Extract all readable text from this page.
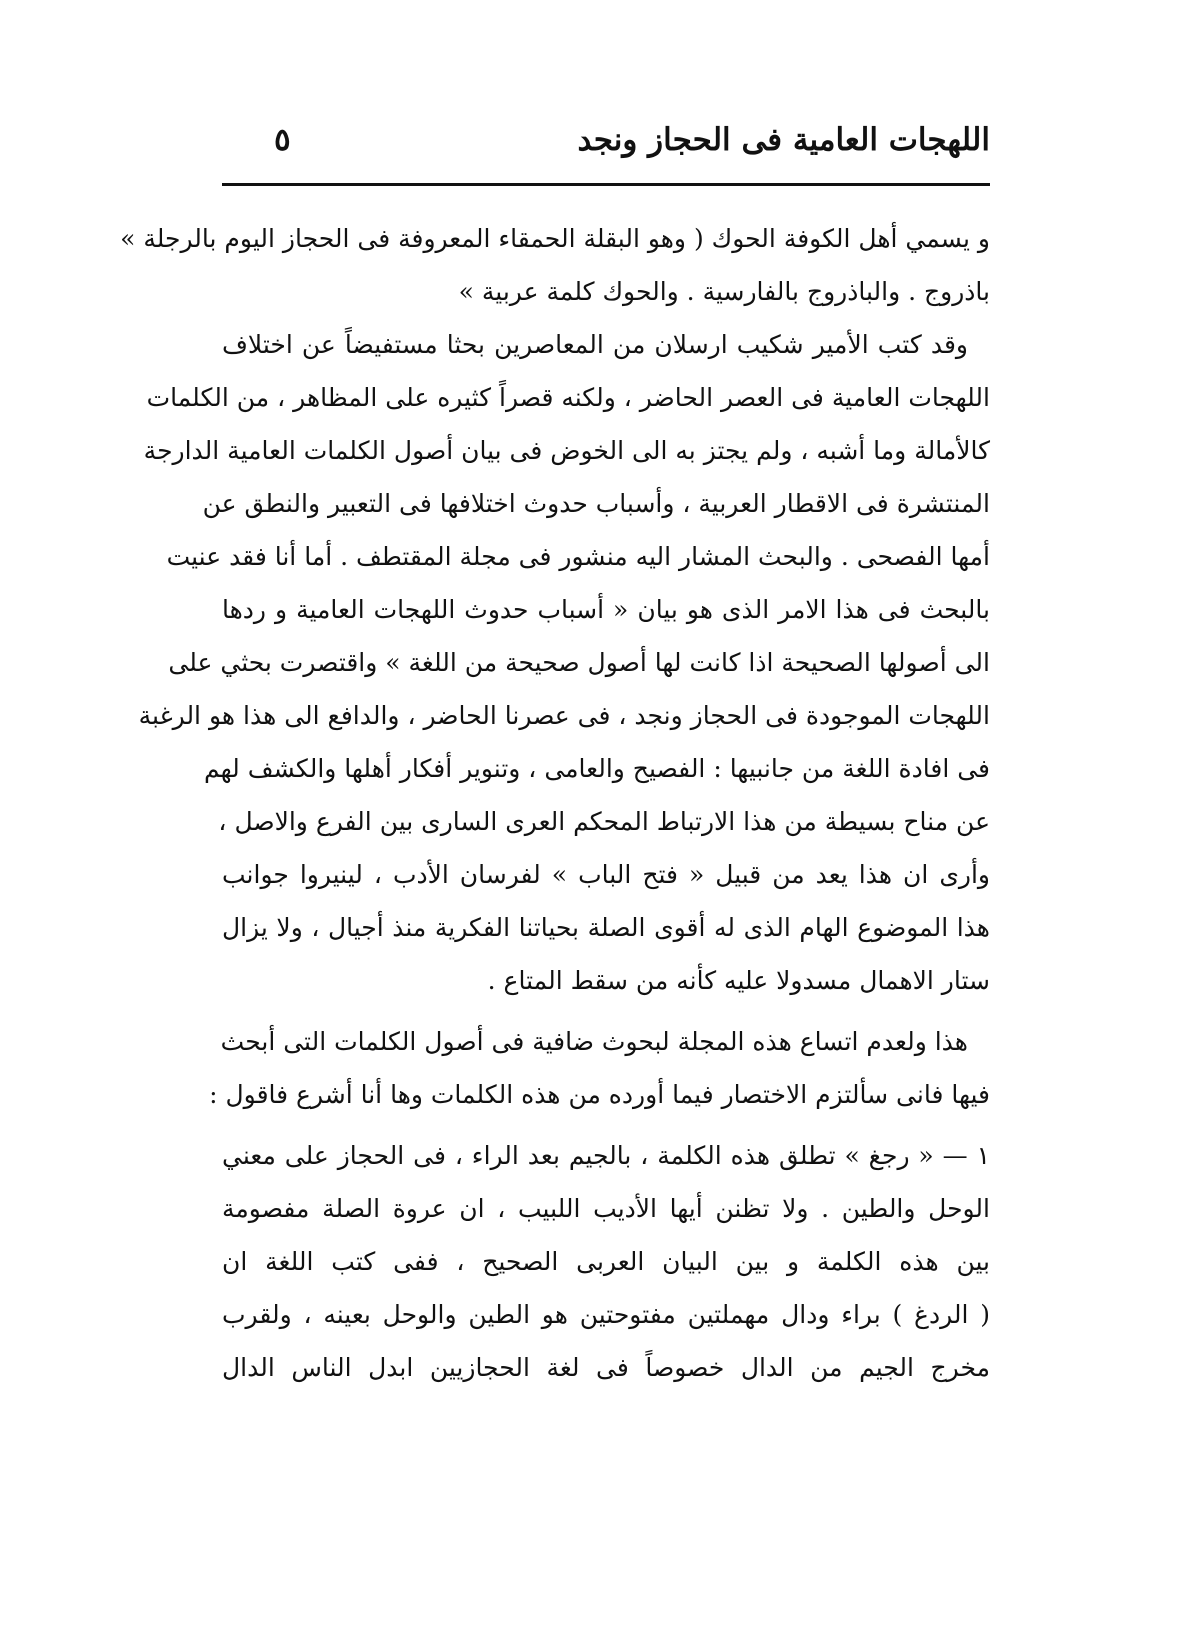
اللهجات العامية فى الحجاز ونجد
٥
و يسمي أهل الكوفة الحوك ( وهو البقلة الحمقاء المعروفة فى الحجاز اليوم بالرجلة »
باذروج . والباذروج بالفارسية . والحوك كلمة عربية »
وقد كتب الأمير شكيب ارسلان من المعاصرين بحثا مستفيضاً عن اختلاف
اللهجات العامية فى العصر الحاضر ، ولكنه قصراً كثيره على المظاهر ، من الكلمات
كالأمالة وما أشبه ، ولم يجتز به الى الخوض فى بيان أصول الكلمات العامية الدارجة
المنتشرة فى الاقطار العربية ، وأسباب حدوث اختلافها فى التعبير والنطق عن
أمها الفصحى . والبحث المشار اليه منشور فى مجلة المقتطف . أما أنا فقد عنيت
بالبحث فى هذا الامر الذى هو بيان « أسباب حدوث اللهجات العامية و ردها
الى أصولها الصحيحة اذا كانت لها أصول صحيحة من اللغة » واقتصرت بحثي على
اللهجات الموجودة فى الحجاز ونجد ، فى عصرنا الحاضر ، والدافع الى هذا هو الرغبة
فى افادة اللغة من جانبيها : الفصيح والعامى ، وتنوير أفكار أهلها والكشف لهم
عن مناح بسيطة من هذا الارتباط المحكم العرى السارى بين الفرع والاصل ،
وأرى ان هذا يعد من قبيل « فتح الباب » لفرسان الأدب ، لينيروا جوانب
هذا الموضوع الهام الذى له أقوى الصلة بحياتنا الفكرية منذ أجيال ، ولا يزال
ستار الاهمال مسدولا عليه كأنه من سقط المتاع .
هذا ولعدم اتساع هذه المجلة لبحوث ضافية فى أصول الكلمات التى أبحث
فيها فانى سألتزم الاختصار فيما أورده من هذه الكلمات وها أنا أشرع فاقول :
١ — « رجغ » تطلق هذه الكلمة ، بالجيم بعد الراء ، فى الحجاز على معني
الوحل والطين . ولا تظنن أيها الأديب اللبيب ، ان عروة الصلة مفصومة
بين هذه الكلمة و بين البيان العربى الصحيح ، ففى كتب اللغة ان
( الردغ ) براء ودال مهملتين مفتوحتين هو الطين والوحل بعينه ، ولقرب
مخرج الجيم من الدال خصوصاً فى لغة الحجازيين ابدل الناس الدال
